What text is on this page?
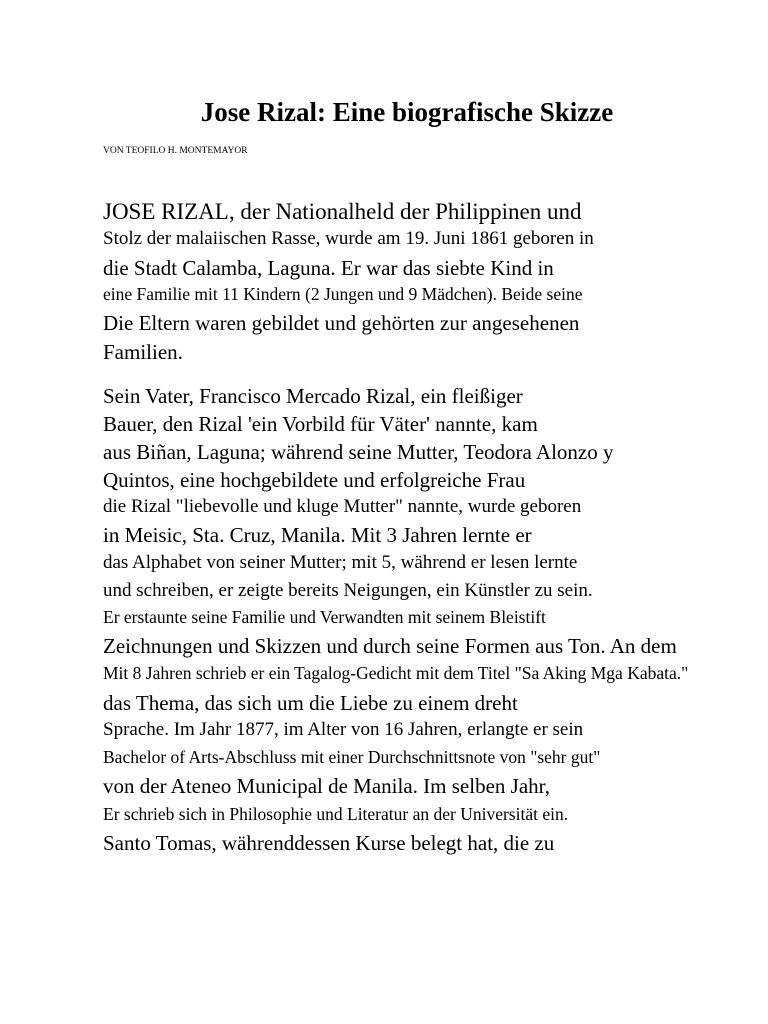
Jose Rizal: Eine biografische Skizze

VON TEOFILO H. MONTEMAYOR

JOSE RIZAL, der Nationalheld der Philippinen und

Stolz der malaiischen Rasse, wurde am 19. Juni 1861 geboren in

die Stadt Calamba, Laguna. Er war das siebte Kind in

eine Familie mit 11 Kindern (2 Jungen und 9 Mädchen). Beide seine

Die Eltern waren gebildet und gehörten zur angesehenen

Familien.

Sein Vater, Francisco Mercado Rizal, ein fleißiger

Bauer, den Rizal 'ein Vorbild für Väter' nannte, kam

aus Biñan, Laguna; während seine Mutter, Teodora Alonzo y

Quintos, eine hochgebildete und erfolgreiche Frau

die Rizal "liebevolle und kluge Mutter" nannte, wurde geboren

in Meisic, Sta. Cruz, Manila. Mit 3 Jahren lernte er

das Alphabet von seiner Mutter; mit 5, während er lesen lernte

und schreiben, er zeigte bereits Neigungen, ein Künstler zu sein.

Er erstaunte seine Familie und Verwandten mit seinem Bleistift

Zeichnungen und Skizzen und durch seine Formen aus Ton. An dem

Mit 8 Jahren schrieb er ein Tagalog-Gedicht mit dem Titel "Sa Aking Mga Kabata."

das Thema, das sich um die Liebe zu einem dreht

Sprache. Im Jahr 1877, im Alter von 16 Jahren, erlangte er sein

Bachelor of Arts-Abschluss mit einer Durchschnittsnote von "sehr gut"

von der Ateneo Municipal de Manila. Im selben Jahr,

Er schrieb sich in Philosophie und Literatur an der Universität ein.

Santo Tomas, währenddessen Kurse belegt hat, die zu
